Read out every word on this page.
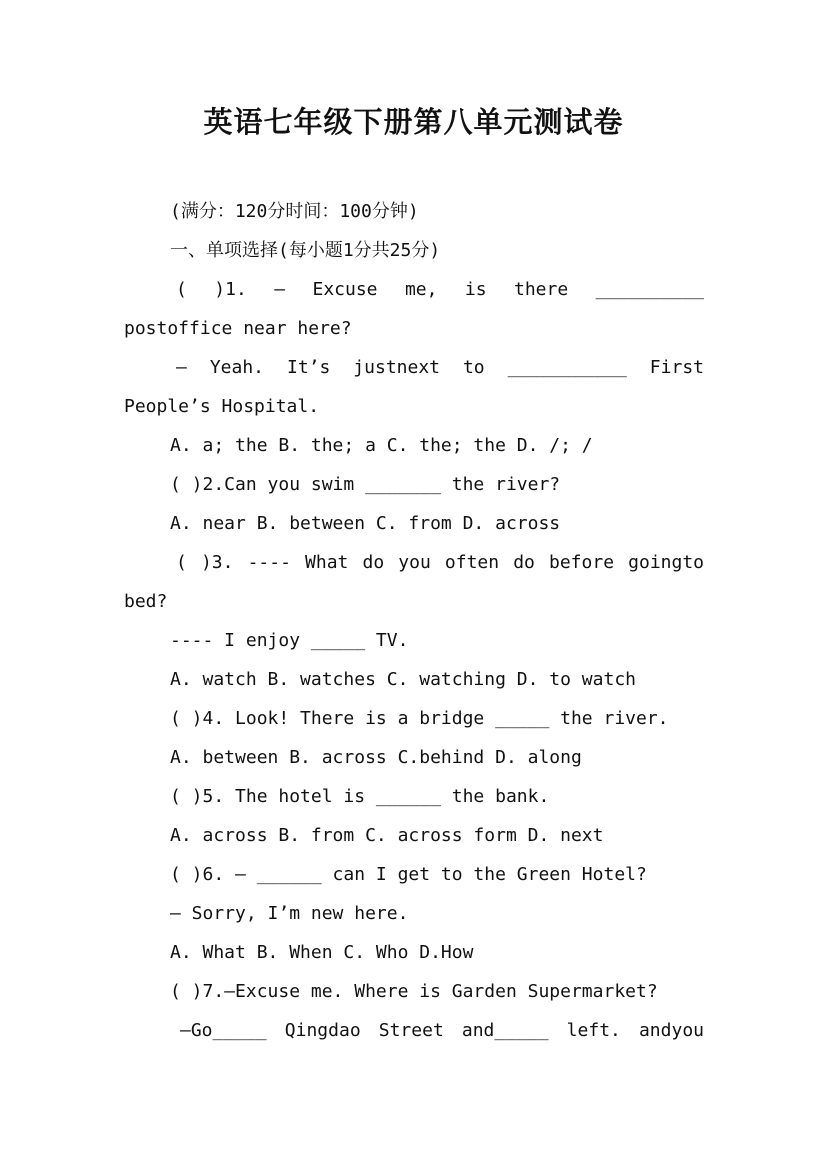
英语七年级下册第八单元测试卷
(满分：120分时间：100分钟)
一、单项选择(每小题1分共25分)
( )1. — Excuse me, is there __________
postoffice near here?
— Yeah. It’s justnext to ___________ First
People’s Hospital.
A. a; the B. the; a C. the; the D. /; /
( )2.Can you swim _______ the river?
A. near B. between C. from D. across
( )3. ---- What do you often do before goingto
bed?
---- I enjoy _____ TV.
A. watch B. watches C. watching D. to watch
( )4. Look! There is a bridge _____ the river.
A. between B. across C.behind D. along
( )5. The hotel is ______ the bank.
A. across B. from C. across form D. next
( )6. — ______ can I get to the Green Hotel?
— Sorry, I’m new here.
A. What B. When C. Who D.How
( )7.—Excuse me. Where is Garden Supermarket?
—Go_____ Qingdao Street and_____ left. andyou
